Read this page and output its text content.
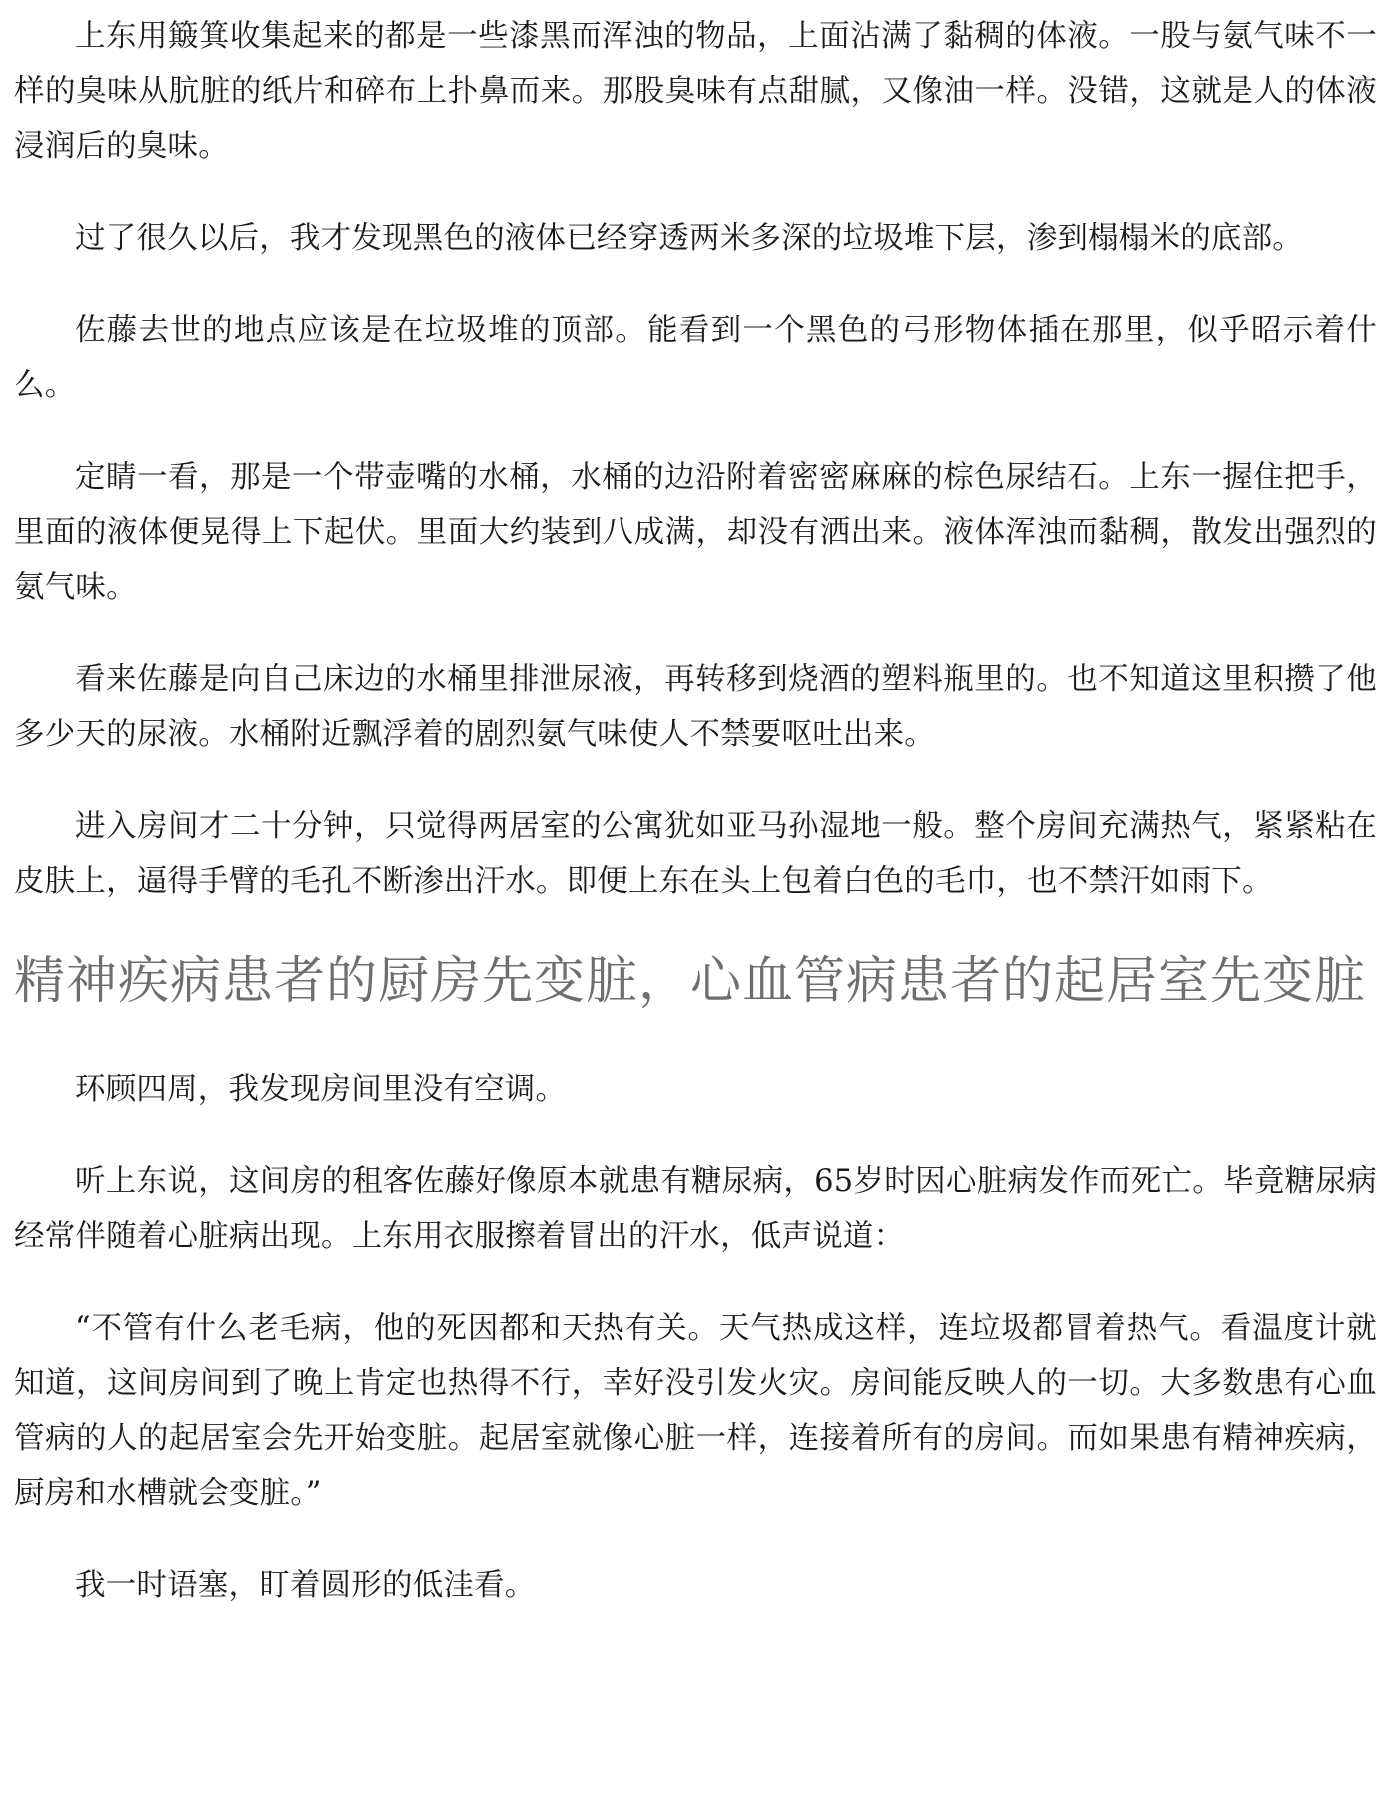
上东用簸箕收集起来的都是一些漆黑而浑浊的物品，上面沾满了黏稠的体液。一股与氨气味不一样的臭味从肮脏的纸片和碎布上扑鼻而来。那股臭味有点甜腻，又像油一样。没错，这就是人的体液浸润后的臭味。

过了很久以后，我才发现黑色的液体已经穿透两米多深的垃圾堆下层，渗到榻榻米的底部。

佐藤去世的地点应该是在垃圾堆的顶部。能看到一个黑色的弓形物体插在那里，似乎昭示着什么。

定睛一看，那是一个带壶嘴的水桶，水桶的边沿附着密密麻麻的棕色尿结石。上东一握住把手，里面的液体便晃得上下起伏。里面大约装到八成满，却没有洒出来。液体浑浊而黏稠，散发出强烈的氨气味。

看来佐藤是向自己床边的水桶里排泄尿液，再转移到烧酒的塑料瓶里的。也不知道这里积攒了他多少天的尿液。水桶附近飘浮着的剧烈氨气味使人不禁要呕吐出来。

进入房间才二十分钟，只觉得两居室的公寓犹如亚马孙湿地一般。整个房间充满热气，紧紧粘在皮肤上，逼得手臂的毛孔不断渗出汗水。即便上东在头上包着白色的毛巾，也不禁汗如雨下。

精神疾病患者的厨房先变脏，心血管病患者的起居室先变脏

环顾四周，我发现房间里没有空调。

听上东说，这间房的租客佐藤好像原本就患有糖尿病，65岁时因心脏病发作而死亡。毕竟糖尿病经常伴随着心脏病出现。上东用衣服擦着冒出的汗水，低声说道：

“不管有什么老毛病，他的死因都和天热有关。天气热成这样，连垃圾都冒着热气。看温度计就知道，这间房间到了晚上肯定也热得不行，幸好没引发火灾。房间能反映人的一切。大多数患有心血管病的人的起居室会先开始变脏。起居室就像心脏一样，连接着所有的房间。而如果患有精神疾病，厨房和水槽就会变脏。”

我一时语塞，盯着圆形的低洼看。
